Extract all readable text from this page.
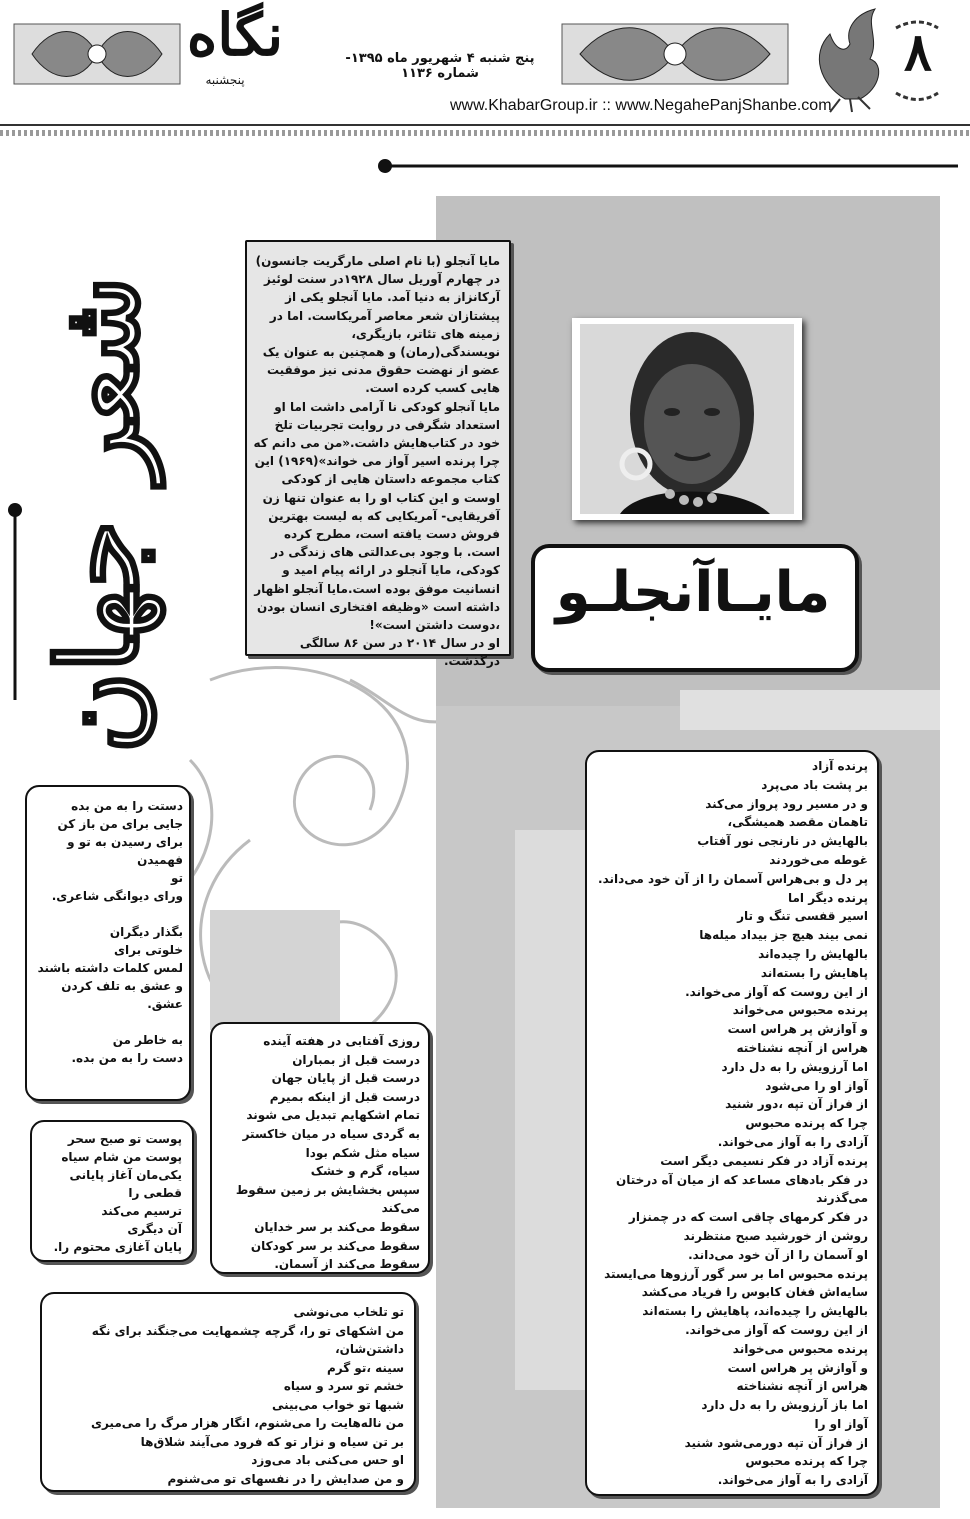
نگاه
پنجشنبه
پنج شنبه ۴ شهریور ماه ۱۳۹۵- شماره ۱۱۳۶	۸
www.KhabarGroup.ir :: www.NegahePanjShanbe.com
شعر جهان

مایا آنجلو (با نام اصلی مارگریت جانسون) در چهارم آوریل سال ۱۹۲۸در سنت لوئیز آرکانزاز به دنیا آمد. مایا آنجلو یکی از پیشتازان شعر معاصر آمریکاست. اما در زمینه های تئاتر، بازیگری، نویسندگی(رمان) و همچنین به عنوان یک عضو از نهضت حقوق مدنی نیز موفقیت هایی کسب کرده است.

مایا آنجلو کودکی نا آرامی داشت اما او استعداد شگرفی در روایت تجربیات تلخ خود در کتاب‌هایش داشت.«من می دانم که چرا پرنده اسیر آواز می خواند»(۱۹۶۹) این کتاب مجموعه داستان هایی از کودکی اوست و این کتاب او را به عنوان تنها زن آفریقایی- آمریکایی که به لیست بهترین فروش دست یافته است، مطرح کرده است. با وجود بی‌عدالتی های زندگی در کودکی، مایا آنجلو در ارائه پیام امید و انسانیت موفق بوده است.مایا آنجلو اظهار داشته است «وظیفه افتخاری انسان بودن ،دوست داشتن است»!

او در سال ۲۰۱۴ در سن ۸۶ سالگی درگذشت.

مایـاآنجلـو

پرنده آزاد

بر پشت باد می‌پرد

و در مسیر رود پرواز می‌کند

تاهمان مقصد همیشگی،

بالهایش در نارنجی نور آفتاب

غوطه می‌خوردند

پر دل و بی‌هراس آسمان را از آن خود می‌داند.

پرنده دیگر اما

اسیر قفسی تنگ و تار

نمی بیند هیچ جز بیداد میله‌ها

بالهایش را چیده‌اند

پاهایش را بسته‌اند

از این روست که آواز می‌خواند.

پرنده محبوس می‌خواند

و آوازش پر هراس است

هراس از آنچه نشناخته

اما آرزویش را به دل دارد

آواز او را می‌شود

از فراز آن تپه ،دور شنید

چرا که پرنده محبوس

آزادی را به آواز می‌خواند.

پرنده آزاد در فکر نسیمی دیگر است

در فکر بادهای مساعد که از میان آه درختان می‌گذرند

در فکر کرمهای چاقی است که در چمنزار روشن از خورشید صبح منتظرند

او آسمان را از آن خود می‌داند.

پرنده محبوس اما بر سر گور آرزوها می‌ایستد

سایه‌اش فغان کابوس را فریاد می‌کشد

بالهایش را چیده‌اند، پاهایش را بسته‌اند

از این روست که آواز می‌خواند.

پرنده محبوس می‌خواند

و آوازش پر هراس است

هراس از آنچه نشناخته

اما باز آرزویش را به دل دارد

آواز او را

از فراز آن تپه دورمی‌شود شنید

چرا که پرنده محبوس

آزادی را به آواز می‌خواند.

دستت را به من بده

جایی برای من باز کن

برای رسیدن به تو و فهمیدن

تو

ورای دیوانگی شاعری.

بگذار دیگران

خلوتی برای

لمس کلمات داشته باشند

و عشق به تلف کردن

عشق.

به خاطر من

دست را به من بده.

پوست تو صبح سحر

پوست من شام سیاه

یکی‌مان آغاز پایانی قطعی را

ترسیم می‌کند

آن دیگری

پایان آغازی محتوم را.

روزی آفتابی در هفته آینده

درست قبل از بمباران

درست قبل از پایان جهان

درست قبل از اینکه بمیرم

تمام اشکهایم تبدیل می شوند

به گردی سیاه در میان خاکستر

سیاه مثل شکم بودا

سیاه، گرم و خشک

سپس بخشایش بر زمین سقوط می‌کند

سقوط می‌کند بر سر خدایان

سقوط می‌کند بر سر کودکان

سقوط می‌کند از آسمان.

تو تلخاب می‌نوشی

من اشکهای تو را، گرچه چشمهایت می‌جنگند برای نگه داشتن‌شان،

سینه ،تو گرم

خشم تو سرد و سیاه

شبها تو خواب می‌بینی

من ناله‌هایت را می‌شنوم، انگار هزار مرگ را می‌میری

بر تن سیاه و نزار تو که فرود می‌آیند شلاق‌ها

او حس می‌کنی باد می‌وزد

و من صدایش را در نفسهای تو می‌شنوم
